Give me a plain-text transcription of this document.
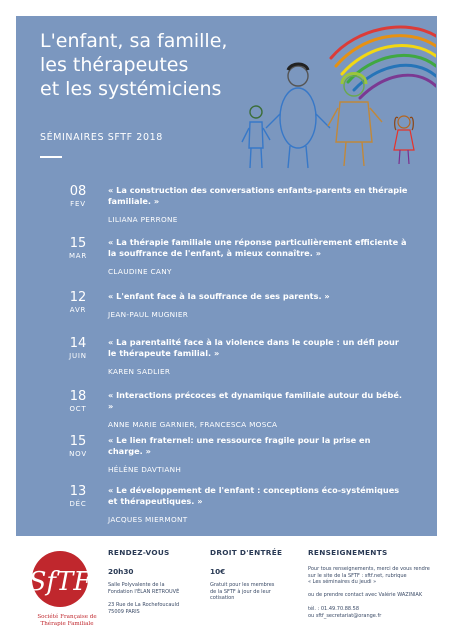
L'enfant, sa famille,
les thérapeutes
et les systémiciens
SÉMINAIRES SFTF 2018
08
FEV
« La construction des conversations enfants-parents en thérapie familiale. »
LILIANA PERRONE
15
MAR
« La thérapie familiale une réponse particulièrement efficiente à la souffrance de l'enfant, à mieux connaître. »
CLAUDINE CANY
12
AVR
« L'enfant face à la souffrance de ses parents. »
JEAN-PAUL MUGNIER
14
JUIN
« La parentalité face à la violence dans le couple : un défi pour le thérapeute familial. »
KAREN SADLIER
18
OCT
« Interactions précoces et dynamique familiale autour du bébé. »
ANNE MARIE GARNIER, FRANCESCA MOSCA
15
NOV
« Le lien fraternel: une ressource fragile pour la prise en charge. »
HÉLÈNE DAVTIANH
13
DÉC
« Le développement de l'enfant : conceptions éco-systémiques et thérapeutiques. »
JACQUES MIERMONT
SfTF
Société Française de
Thérapie Familiale
RENDEZ-VOUS
20h30

Salle Polyvalente de la
Fondation l'ÉLAN RETROUVÉ

23 Rue de La Rochefoucauld
75009 PARIS

DROIT D'ENTRÉE
10€

Gratuit pour les membres
de la SFTF à jour de leur
cotisation

RENSEIGNEMENTS

Pour tous renseignements, merci de vous rendre
sur le site de la SFTF : sftf.net, rubrique
« Les séminaires du jeudi »

ou de prendre contact avec Valérie WAZINIAK

tél. : 01.49.70.88.58

ou sftf_secretariat@orange.fr
